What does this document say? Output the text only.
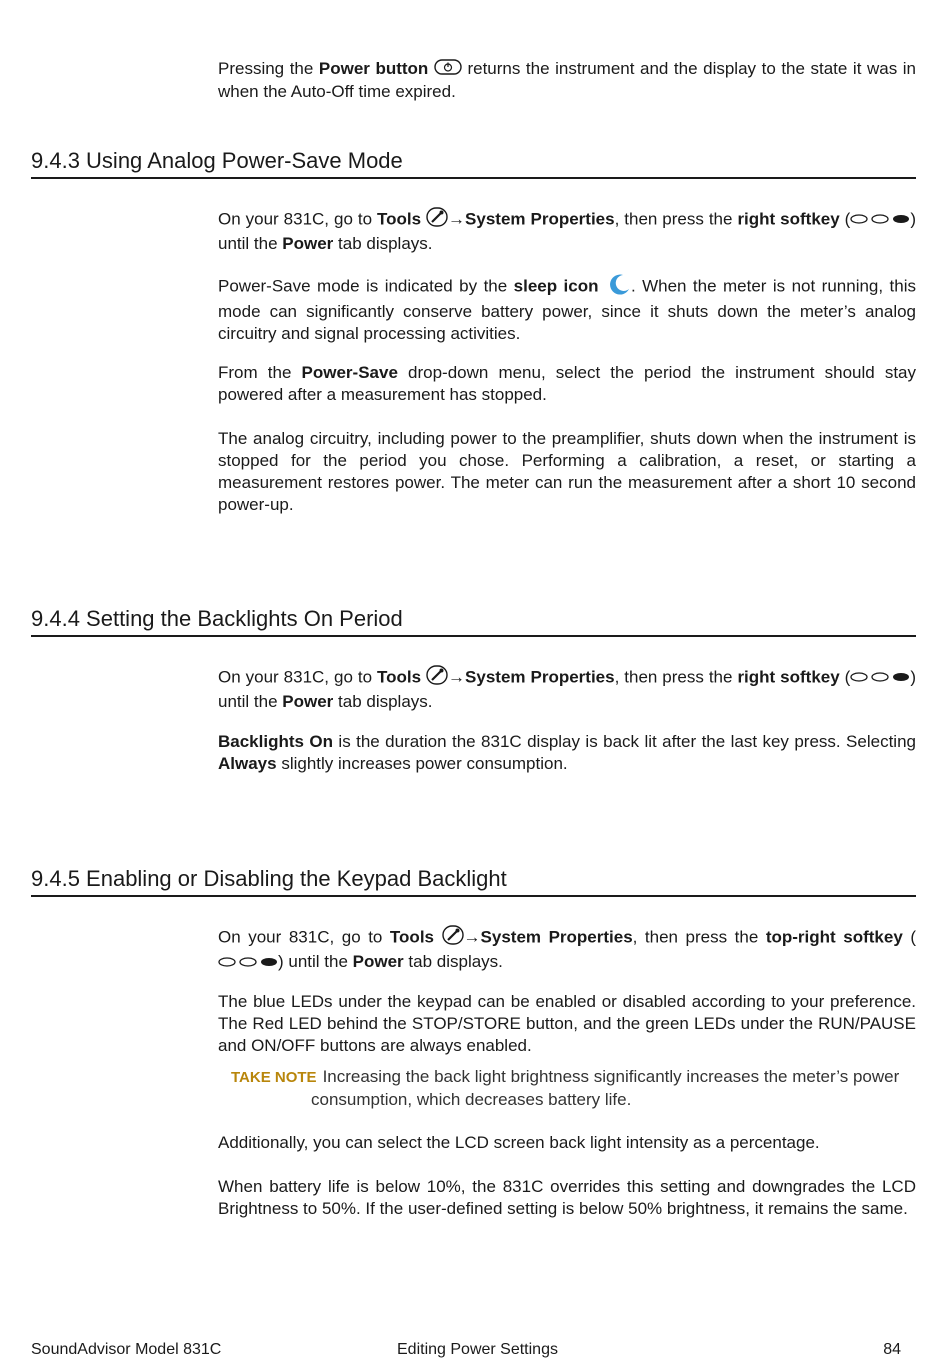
Pressing the Power button  returns the instrument and the display to the state it was in when the Auto-Off time expired.
9.4.3 Using Analog Power-Save Mode
On your 831C, go to Tools →System Properties, then press the right softkey (	) until the Power tab displays.
Power-Save mode is indicated by the sleep icon . When the meter is not running, this mode can significantly conserve battery power, since it shuts down the meter’s analog circuitry and signal processing activities.
From the Power-Save drop-down menu, select the period the instrument should stay powered after a measurement has stopped.
The analog circuitry, including power to the preamplifier, shuts down when the instrument is stopped for the period you chose. Performing a calibration, a reset, or starting a measurement restores power. The meter can run the measurement after a short 10 second power-up.
9.4.4 Setting the Backlights On Period
On your 831C, go to Tools →System Properties, then press the right softkey (	) until the Power tab displays.
Backlights On is the duration the 831C display is back lit after the last key press. Selecting Always slightly increases power consumption.
9.4.5 Enabling or Disabling the Keypad Backlight
On your 831C, go to Tools →System Properties, then press the top-right softkey () until the Power tab displays.
The blue LEDs under the keypad can be enabled or disabled according to your preference. The Red LED behind the STOP/STORE button, and the green LEDs under the RUN/PAUSE and ON/OFF buttons are always enabled.
TAKE NOTE Increasing the back light brightness significantly increases the meter’s power
consumption, which decreases battery life.
Additionally, you can select the LCD screen back light intensity as a percentage.
When battery life is below 10%, the 831C overrides this setting and downgrades the LCD Brightness to 50%. If the user-defined setting is below 50% brightness, it remains the same.
SoundAdvisor Model 831C	Editing Power Settings	84
